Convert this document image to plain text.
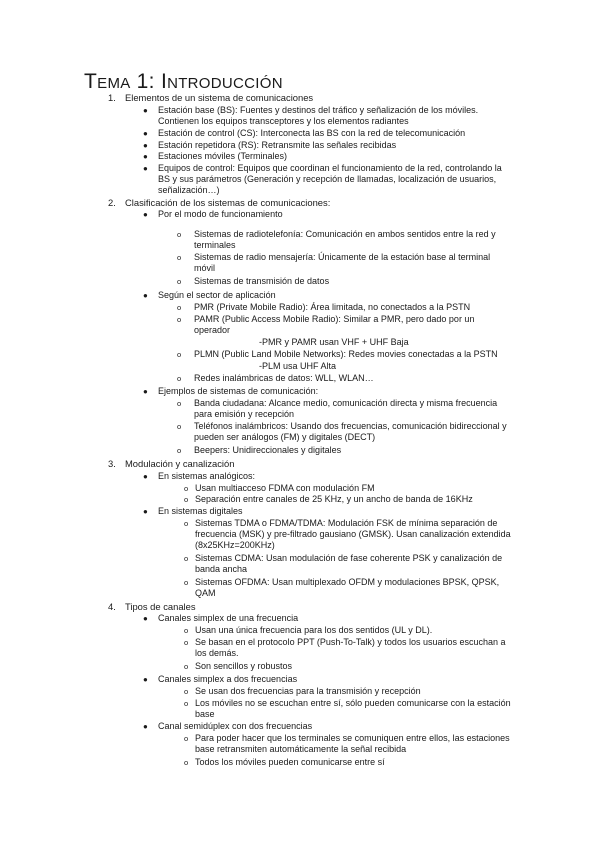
TEMA 1: INTRODUCCIÓN
1. Elementos de un sistema de comunicaciones
● Estación base (BS): Fuentes y destinos del tráfico y señalización de los móviles. Contienen los equipos transceptores y los elementos radiantes
● Estación de control (CS): Interconecta las BS con la red de telecomunicación
● Estación repetidora (RS): Retransmite las señales recibidas
● Estaciones móviles (Terminales)
● Equipos de control: Equipos que coordinan el funcionamiento de la red, controlando la BS y sus parámetros (Generación y recepción de llamadas, localización de usuarios, señalización…)
2. Clasificación de los sistemas de comunicaciones:
● Por el modo de funcionamiento
o Sistemas de radiotelefonía: Comunicación en ambos sentidos entre la red y terminales
o Sistemas de radio mensajería: Únicamente de la estación base al terminal móvil
o Sistemas de transmisión de datos
● Según el sector de aplicación
o PMR (Private Mobile Radio): Área limitada, no conectados a la PSTN
o PAMR (Public Access Mobile Radio): Similar a PMR, pero dado por un operador
-PMR y PAMR usan VHF + UHF Baja
o PLMN (Public Land Mobile Networks): Redes movies conectadas a la PSTN
-PLM usa UHF Alta
o Redes inalámbricas de datos: WLL, WLAN…
● Ejemplos de sistemas de comunicación:
o Banda ciudadana: Alcance medio, comunicación directa y misma frecuencia para emisión y recepción
o Teléfonos inalámbricos: Usando dos frecuencias, comunicación bidireccional y pueden ser análogos (FM) y digitales (DECT)
o Beepers: Unidireccionales y digitales
3. Modulación y canalización
● En sistemas analógicos:
o Usan multiacceso FDMA con modulación FM
o Separación entre canales de 25 KHz, y un ancho de banda de 16KHz
● En sistemas digitales
o Sistemas TDMA o FDMA/TDMA: Modulación FSK de mínima separación de frecuencia (MSK) y pre-filtrado gausiano (GMSK). Usan canalización extendida (8x25KHz=200KHz)
o Sistemas CDMA: Usan modulación de fase coherente PSK y canalización de banda ancha
o Sistemas OFDMA: Usan multiplexado OFDM y modulaciones BPSK, QPSK, QAM
4. Tipos de canales
● Canales simplex de una frecuencia
o Usan una única frecuencia para los dos sentidos (UL y DL).
o Se basan en el protocolo PPT (Push-To-Talk) y todos los usuarios escuchan a los demás.
o Son sencillos y robustos
● Canales simplex a dos frecuencias
o Se usan dos frecuencias para la transmisión y recepción
o Los móviles no se escuchan entre sí, sólo pueden comunicarse con la estación base
● Canal semidúplex con dos frecuencias
o Para poder hacer que los terminales se comuniquen entre ellos, las estaciones base retransmiten automáticamente la señal recibida
o Todos los móviles pueden comunicarse entre sí
